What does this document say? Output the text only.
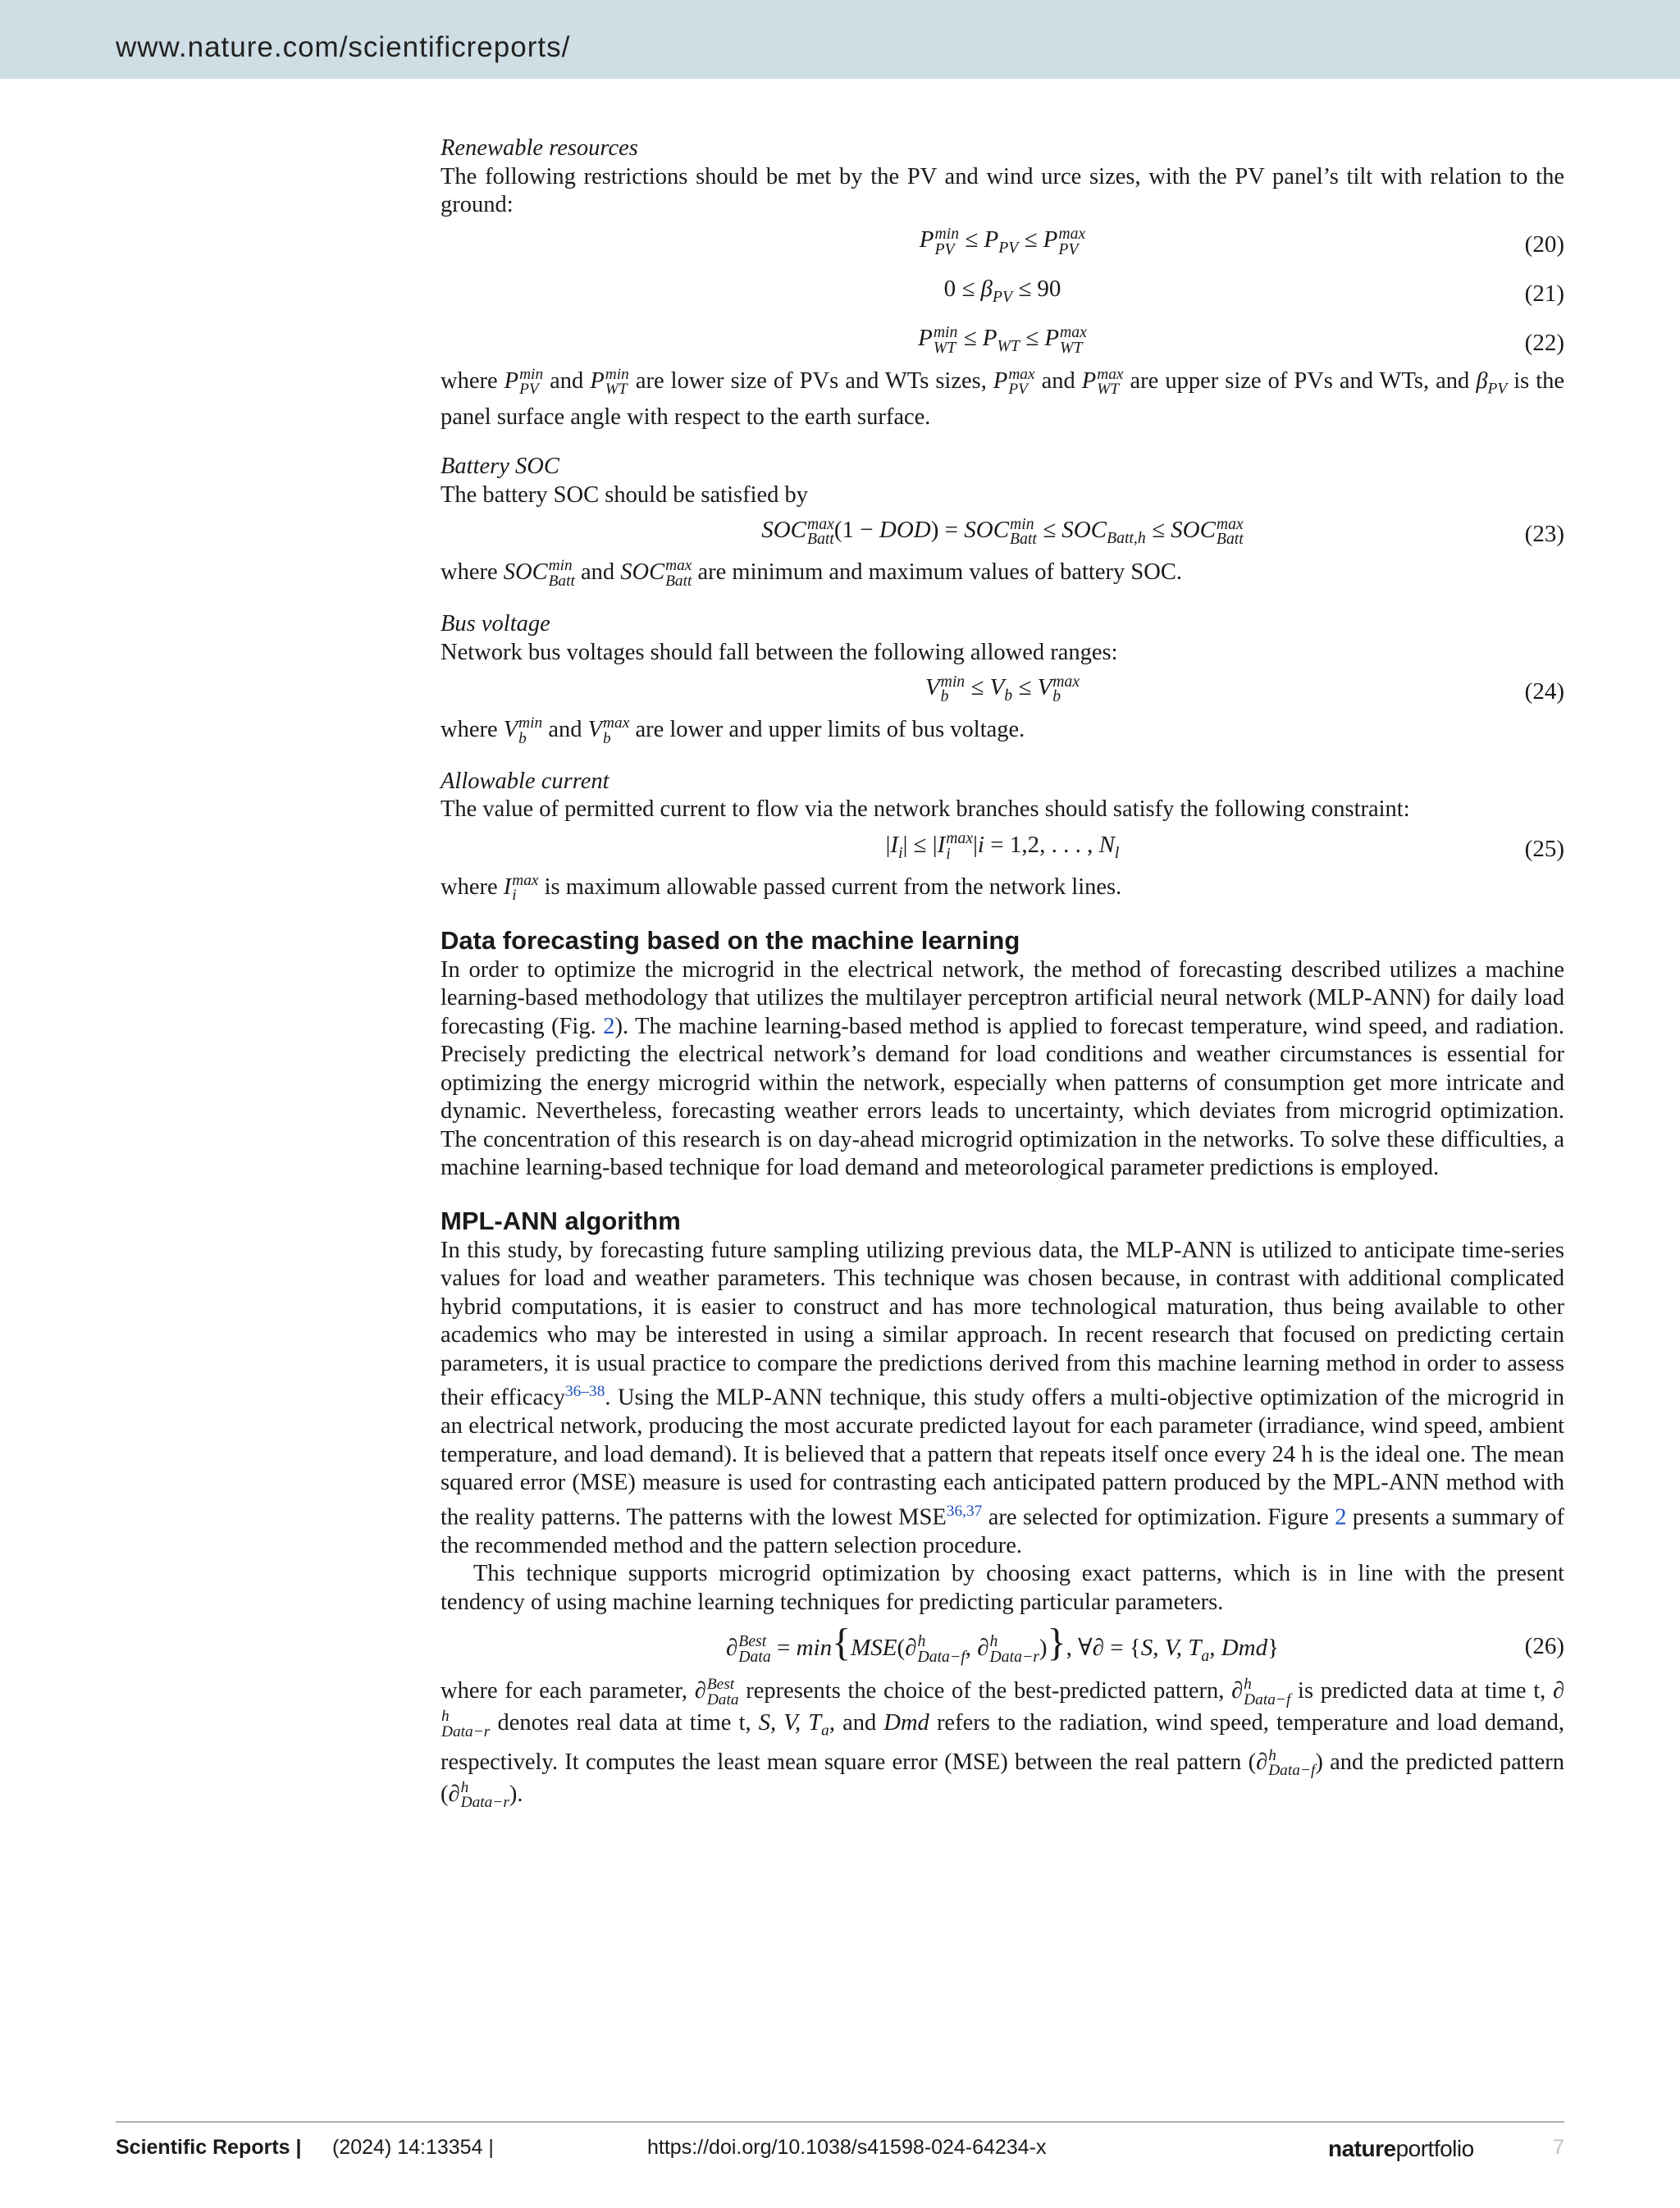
www.nature.com/scientificreports/
Renewable resources

The following restrictions should be met by the PV and wind urce sizes, with the PV panel’s tilt with relation to the ground:

P min
PV ≤ $P_{PV} \le P$ max
PV	(20)
$0 \le \beta_{PV} \le 90$	(21)
P min
WT ≤ $P_{WT} \le P$ max
WT	(22)

where P min
PV and P min
WT are lower size of PVs and WTs sizes, P max
PV and P max
WT are upper size of PVs and WTs, and $\beta_{PV}$ is the panel surface angle with respect to the earth surface.

Battery SOC

The battery SOC should be satisfied by

SOC max
Batt (1 − DOD) = SOC min
Batt ≤ $SOC_{Batt,h}$ ≤ SOC max
Batt	(23)

where SOC min
Batt and SOC max
Batt are minimum and maximum values of battery SOC.

Bus voltage

Network bus voltages should fall between the following allowed ranges:

V min
$b \le V_b \le V$ max
b	(24)

where V min
b and V max
b	are lower and upper limits of bus voltage.

Allowable current

The value of permitted current to flow via the network branches should satisfy the following constraint:

$|I_i| \le |I$ max
i |i = 1,2, . . . , $N_l$	(25)

where I max
i	is maximum allowable passed current from the network lines.

Data forecasting based on the machine learning

In order to optimize the microgrid in the electrical network, the method of forecasting described utilizes a machine learning-based methodology that utilizes the multilayer perceptron artificial neural network (MLP-ANN) for daily load forecasting (Fig. 2). The machine learning-based method is applied to forecast temperature, wind speed, and radiation. Precisely predicting the electrical network’s demand for load conditions and weather circumstances is essential for optimizing the energy microgrid within the network, especially when patterns of consumption get more intricate and dynamic. Nevertheless, forecasting weather errors leads to uncertainty, which deviates from microgrid optimization. The concentration of this research is on day-ahead microgrid optimization in the networks. To solve these difficulties, a machine learning-based technique for load demand and meteorological parameter predictions is employed.

MPL-ANN algorithm

In this study, by forecasting future sampling utilizing previous data, the MLP-ANN is utilized to anticipate time-series values for load and weather parameters. This technique was chosen because, in contrast with additional complicated hybrid computations, it is easier to construct and has more technological maturation, thus being available to other academics who may be interested in using a similar approach. In recent research that focused on predicting certain parameters, it is usual practice to compare the predictions derived from this machine learning method in order to assess their efficacy$^{36-38}$. Using the MLP-ANN technique, this study offers a multi-objective optimization of the microgrid in an electrical network, producing the most accurate predicted layout for each parameter (irradiance, wind speed, ambient temperature, and load demand). It is believed that a pattern that repeats itself once every 24 h is the ideal one. The mean squared error (MSE) measure is used for contrasting each anticipated pattern produced by the MPL-ANN method with the reality patterns. The patterns with the lowest MSE$^{36,37}$ are selected for optimization. Figure 2 presents a summary of the recommended method and the pattern selection procedure.

This technique supports microgrid optimization by choosing exact patterns, which is in line with the present tendency of using machine learning techniques for predicting particular parameters.

∂ Best
Data = min{MSE(∂ h
Data−f , ∂ h
Data−r )}, ∀∂ = {S, V, $T_a$, Dmd}	(26)

where for each parameter, ∂ Best
Data represents the choice of the best-predicted pattern, ∂ h
Data−f is predicted data at time t, ∂
h
Data−r denotes real data at time t, S, V, $T_a$, and Dmd refers to the radiation, wind speed, temperature and load demand, respectively. It computes the least mean square error (MSE) between the real pattern (∂ h
Data−f ) and the predicted pattern (∂ h
Data−r ).

Scientific Reports | (2024) 14:13354 |	https://doi.org/10.1038/s41598-024-64234-x	natureportfolio	7
